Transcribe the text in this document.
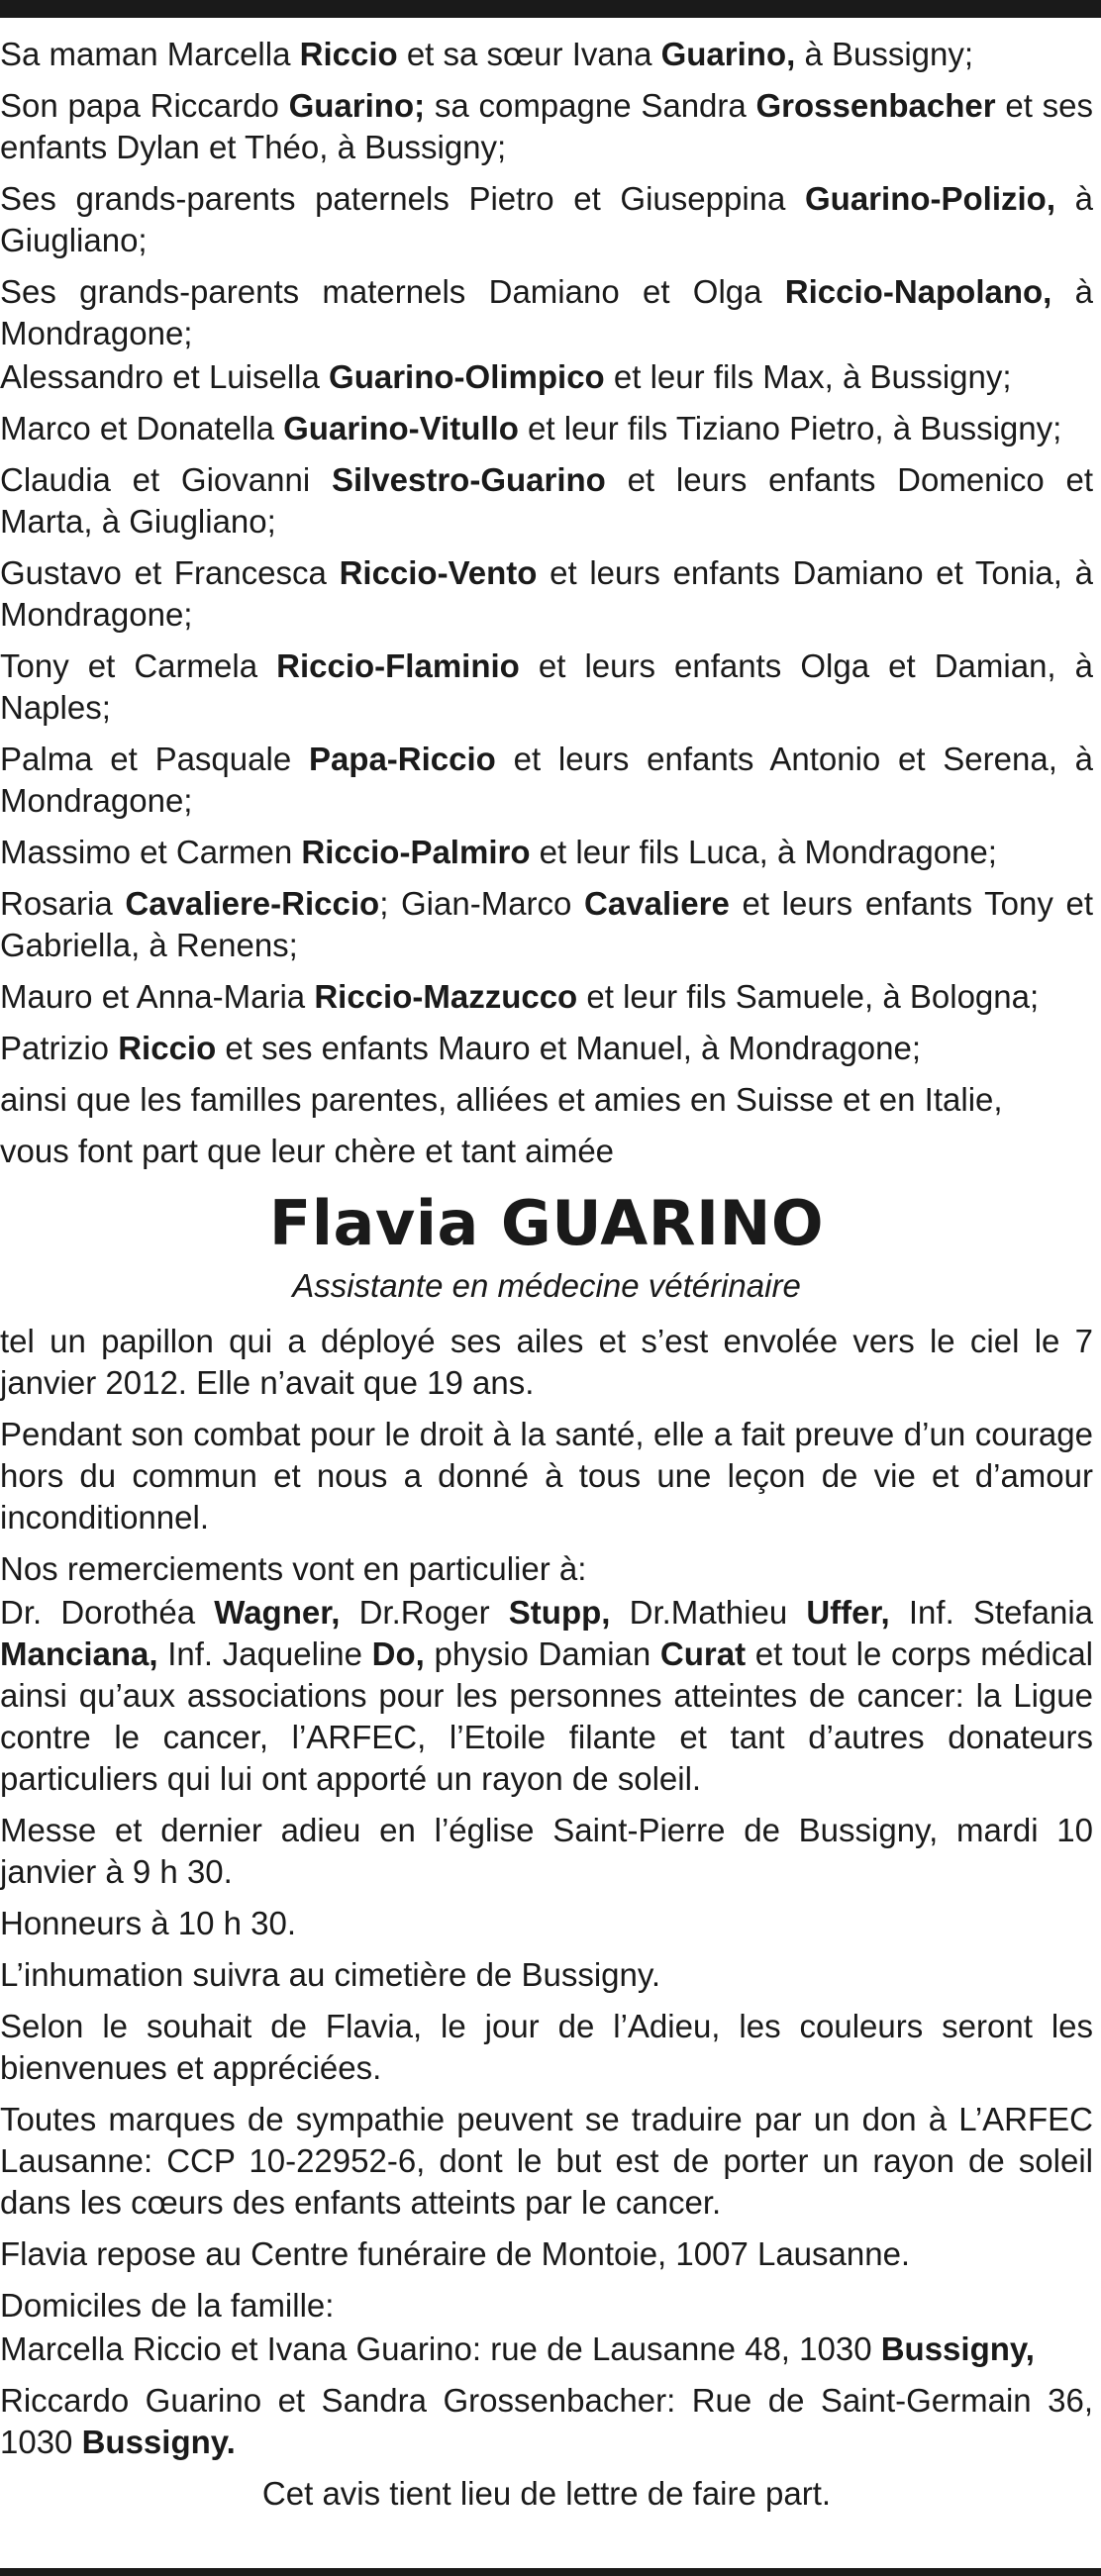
Sa maman Marcella Riccio et sa sœur Ivana Guarino, à Bussigny;

Son papa Riccardo Guarino; sa compagne Sandra Grossenbacher et ses enfants Dylan et Théo, à Bussigny;

Ses grands-parents paternels Pietro et Giuseppina Guarino-Polizio, à Giugliano;

Ses grands-parents maternels Damiano et Olga Riccio-Napolano, à Mondragone;

Alessandro et Luisella Guarino-Olimpico et leur fils Max, à Bussigny;

Marco et Donatella Guarino-Vitullo et leur fils Tiziano Pietro, à Bussigny;

Claudia et Giovanni Silvestro-Guarino et leurs enfants Domenico et Marta, à Giugliano;

Gustavo et Francesca Riccio-Vento et leurs enfants Damiano et Tonia, à Mondragone;

Tony et Carmela Riccio-Flaminio et leurs enfants Olga et Damian, à Naples;

Palma et Pasquale Papa-Riccio et leurs enfants Antonio et Serena, à Mondragone;

Massimo et Carmen Riccio-Palmiro et leur fils Luca, à Mondragone;

Rosaria Cavaliere-Riccio; Gian-Marco Cavaliere et leurs enfants Tony et Gabriella, à Renens;

Mauro et Anna-Maria Riccio-Mazzucco et leur fils Samuele, à Bologna;

Patrizio Riccio et ses enfants Mauro et Manuel, à Mondragone;

ainsi que les familles parentes, alliées et amies en Suisse et en Italie,

vous font part que leur chère et tant aimée

Flavia GUARINO

Assistante en médecine vétérinaire

tel un papillon qui a déployé ses ailes et s’est envolée vers le ciel le 7 janvier 2012. Elle n’avait que 19 ans.

Pendant son combat pour le droit à la santé, elle a fait preuve d’un courage hors du commun et nous a donné à tous une leçon de vie et d’amour inconditionnel.

Nos remerciements vont en particulier à:

Dr. Dorothéa Wagner, Dr.Roger Stupp, Dr.Mathieu Uffer, Inf. Stefania Manciana, Inf. Jaqueline Do, physio Damian Curat et tout le corps médical ainsi qu’aux associations pour les personnes atteintes de cancer: la Ligue contre le cancer, l’ARFEC, l’Etoile filante et tant d’autres donateurs particuliers qui lui ont apporté un rayon de soleil.

Messe et dernier adieu en l’église Saint-Pierre de Bussigny, mardi 10 janvier à 9 h 30.

Honneurs à 10 h 30.

L’inhumation suivra au cimetière de Bussigny.

Selon le souhait de Flavia, le jour de l’Adieu, les couleurs seront les bienvenues et appréciées.

Toutes marques de sympathie peuvent se traduire par un don à L’ARFEC Lausanne: CCP 10-22952-6, dont le but est de porter un rayon de soleil dans les cœurs des enfants atteints par le cancer.

Flavia repose au Centre funéraire de Montoie, 1007 Lausanne.

Domiciles de la famille:

Marcella Riccio et Ivana Guarino: rue de Lausanne 48, 1030 Bussigny,

Riccardo Guarino et Sandra Grossenbacher: Rue de Saint-Germain 36, 1030 Bussigny.

Cet avis tient lieu de lettre de faire part.
